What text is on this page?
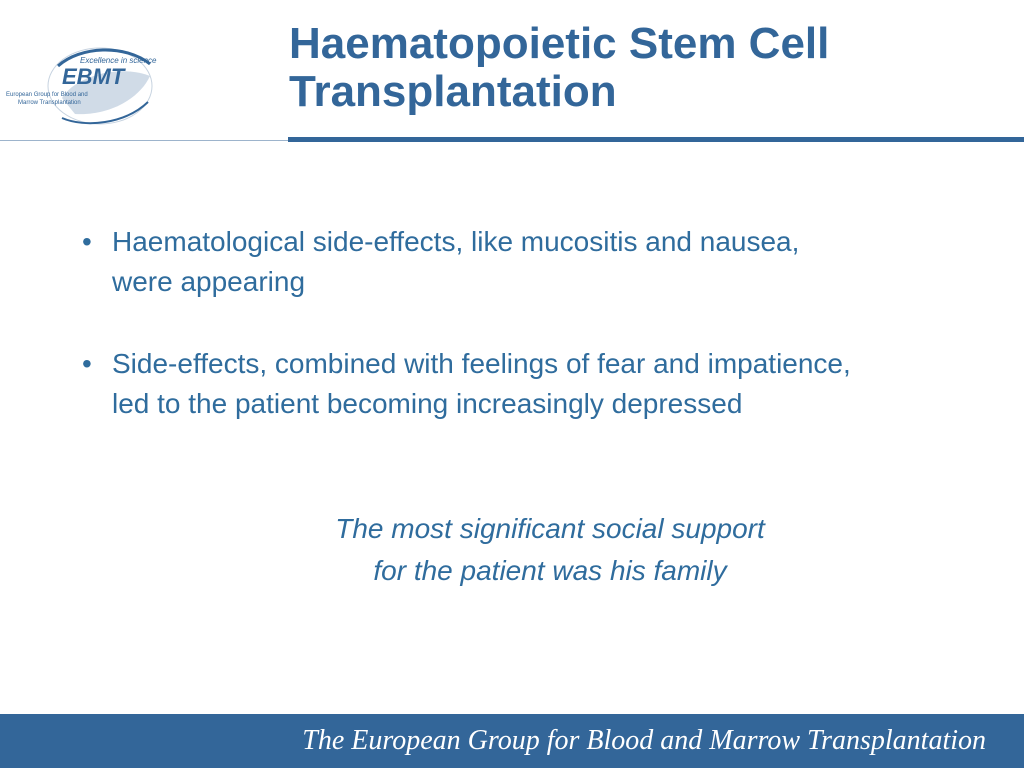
Excellence in science
EBMT
European Group for Blood and
Marrow Transplantation
Haematopoietic Stem Cell
Transplantation
• Haematological side-effects, like mucositis and nausea,
were appearing
• Side-effects, combined with feelings of fear and impatience,
led to the patient becoming increasingly depressed
The most significant social support
for the patient was his family
The European Group for Blood and Marrow Transplantation
